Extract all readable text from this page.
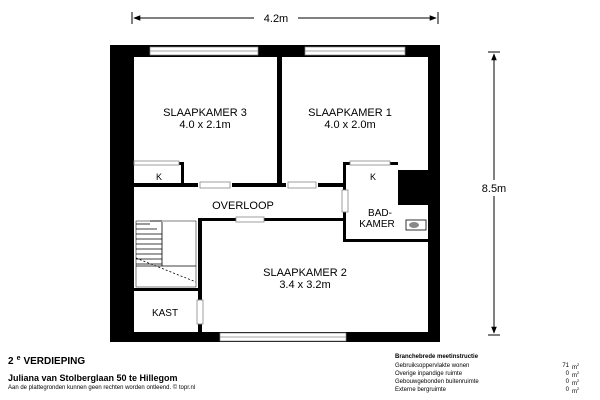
4.2m
8.5m
SLAAPKAMER 3
4.0 x 2.1m
SLAAPKAMER 1
4.0 x 2.0m
SLAAPKAMER 2
3.4 x 3.2m
OVERLOOP
BAD-
KAMER
KAST
K	K
2 e VERDIEPING
Juliana van Stolberglaan 50 te Hillegom
Aan de plattegronden kunnen geen rechten worden ontleend. © topr.nl
Branchebrede meetinstructie
Gebruiksoppervlakte wonen	71 $m^2$
Overige inpandige ruimte	0 $m^2$
Gebouwgebonden buitenruimte	0 $m^2$
Externe bergruimte	0 $m^2$
